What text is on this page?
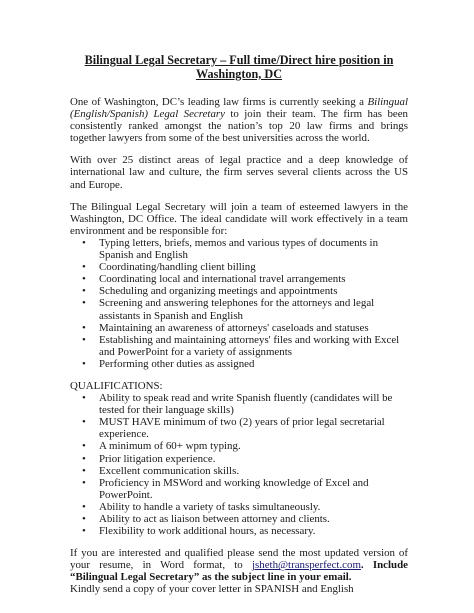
Bilingual Legal Secretary – Full time/Direct hire position in
Washington, DC

One of Washington, DC’s leading law firms is currently seeking a Bilingual (English/Spanish) Legal Secretary to join their team. The firm has been consistently ranked amongst the nation’s top 20 law firms and brings together lawyers from some of the best universities across the world.

With over 25 distinct areas of legal practice and a deep knowledge of international law and culture, the firm serves several clients across the US and Europe.

The Bilingual Legal Secretary will join a team of esteemed lawyers in the Washington, DC Office. The ideal candidate will work effectively in a team environment and be responsible for:

• Typing letters, briefs, memos and various types of documents in Spanish and English
• Coordinating/handling client billing
• Coordinating local and international travel arrangements
• Scheduling and organizing meetings and appointments
• Screening and answering telephones for the attorneys and legal assistants in Spanish and English
• Maintaining an awareness of attorneys' caseloads and statuses
• Establishing and maintaining attorneys' files and working with Excel and PowerPoint for a variety of assignments
• Performing other duties as assigned

QUALIFICATIONS:

• Ability to speak read and write Spanish fluently (candidates will be tested for their language skills)
• MUST HAVE minimum of two (2) years of prior legal secretarial experience.
• A minimum of 60+ wpm typing.
• Prior litigation experience.
• Excellent communication skills.
• Proficiency in MSWord and working knowledge of Excel and PowerPoint.
• Ability to handle a variety of tasks simultaneously.
• Ability to act as liaison between attorney and clients.
• Flexibility to work additional hours, as necessary.

If you are interested and qualified please send the most updated version of your resume, in Word format, to jsheth@transperfect.com. Include “Bilingual Legal Secretary” as the subject line in your email.

Kindly send a copy of your cover letter in SPANISH and English
